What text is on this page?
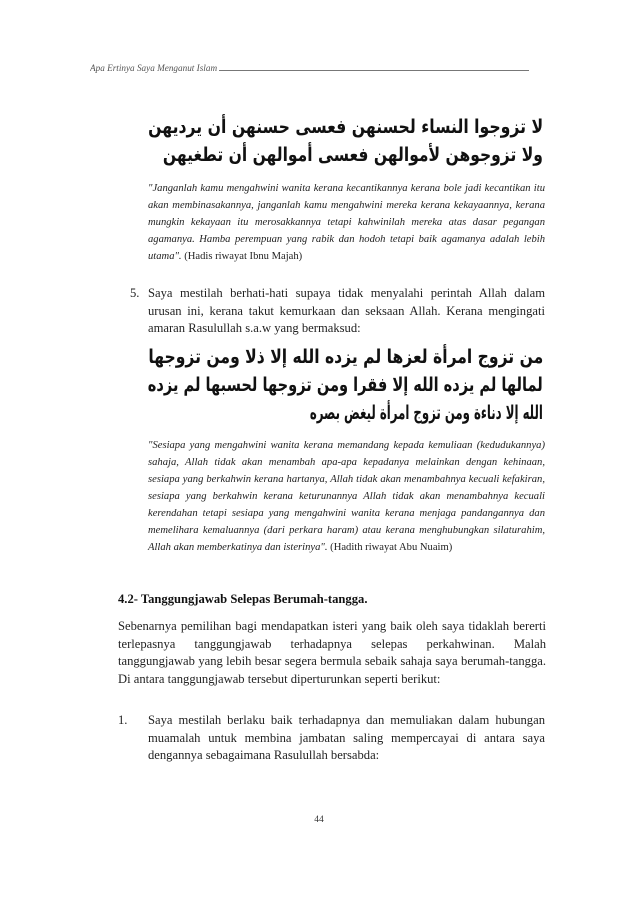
Apa Ertinya Saya Menganut Islam
ﻻ ﺗﺰﻭﺟﻮﺍ ﺍﻟﻨﺴﺎﺀ ﻟﺤﺴﻨﻬﻦ ﻓﻌﺴﻰ ﺣﺴﻨﻬﻦ ﺃﻥ ﻳﺮﺩﻳﻬﻦ
ﻭﻻ ﺗﺰﻭﺟﻮﻫﻦ ﻷﻣﻮﺍﻟﻬﻦ ﻓﻌﺴﻰ ﺃﻣﻮﺍﻟﻬﻦ ﺃﻥ ﺗﻄﻐﻴﻬﻦ
"Janganlah kamu mengahwini wanita kerana kecantikannya kerana bole jadi kecantikan itu akan membinasakannya, janganlah kamu mengahwini mereka kerana kekayaannya, kerana mungkin kekayaan itu merosakkannya tetapi kahwinilah mereka atas dasar pegangan agamanya. Hamba perempuan yang rabik dan hodoh tetapi baik agamanya adalah lebih utama". (Hadis riwayat Ibnu Majah)
5. Saya mestilah berhati-hati supaya tidak menyalahi perintah Allah dalam urusan ini, kerana takut kemurkaan dan seksaan Allah. Kerana mengingati amaran Rasulullah s.a.w yang bermaksud:
ﻣﻦ ﺗﺰﻭﺝ ﺍﻣﺮﺃﺓ ﻟﻌﺰﻫﺎ ﻟﻢ ﻳﺰﺩﻩ ﺍﻟﻠﻪ ﺇﻻ ﺫﻻ ﻭﻣﻦ ﺗﺰﻭﺟﻬﺎ
ﻟﻤﺎﻟﻬﺎ ﻟﻢ ﻳﺰﺩﻩ ﺍﻟﻠﻪ ﺇﻻ ﻓﻘﺮﺍ ﻭﻣﻦ ﺗﺰﻭﺟﻬﺎ ﻟﺤﺴﺒﻬﺎ ﻟﻢ ﻳﺰﺩﻩ
ﺍﻟﻠﻪ ﺇﻻ ﺩﻧﺎﺀﺓ ﻭﻣﻦ ﺗﺰﻭﺝ ﺍﻣﺮﺃﺓ ﻟﻴﻐﺾ ﺑﺼﺮﻩ
"Sesiapa yang mengahwini wanita kerana memandang kepada kemuliaan (kedudukannya) sahaja, Allah tidak akan menambah apa-apa kepadanya melainkan dengan kehinaan, sesiapa yang berkahwin kerana hartanya, Allah tidak akan menambahnya kecuali kefakiran, sesiapa yang berkahwin kerana keturunannya Allah tidak akan menambahnya kecuali kerendahan tetapi sesiapa yang mengahwini wanita kerana menjaga pandangannya dan memelihara kemaluannya (dari perkara haram) atau kerana menghubungkan silaturahim, Allah akan memberkatinya dan isterinya". (Hadith riwayat Abu Nuaim)
4.2- Tanggungjawab Selepas Berumah-tangga.
Sebenarnya pemilihan bagi mendapatkan isteri yang baik oleh saya tidaklah bererti terlepasnya tanggungjawab terhadapnya selepas perkahwinan. Malah tanggungjawab yang lebih besar segera bermula sebaik sahaja saya berumah-tangga. Di antara tanggungjawab tersebut diperturunkan seperti berikut:
1. Saya mestilah berlaku baik terhadapnya dan memuliakan dalam hubungan muamalah untuk membina jambatan saling mempercayai di antara saya dengannya sebagaimana Rasulullah bersabda:
44
